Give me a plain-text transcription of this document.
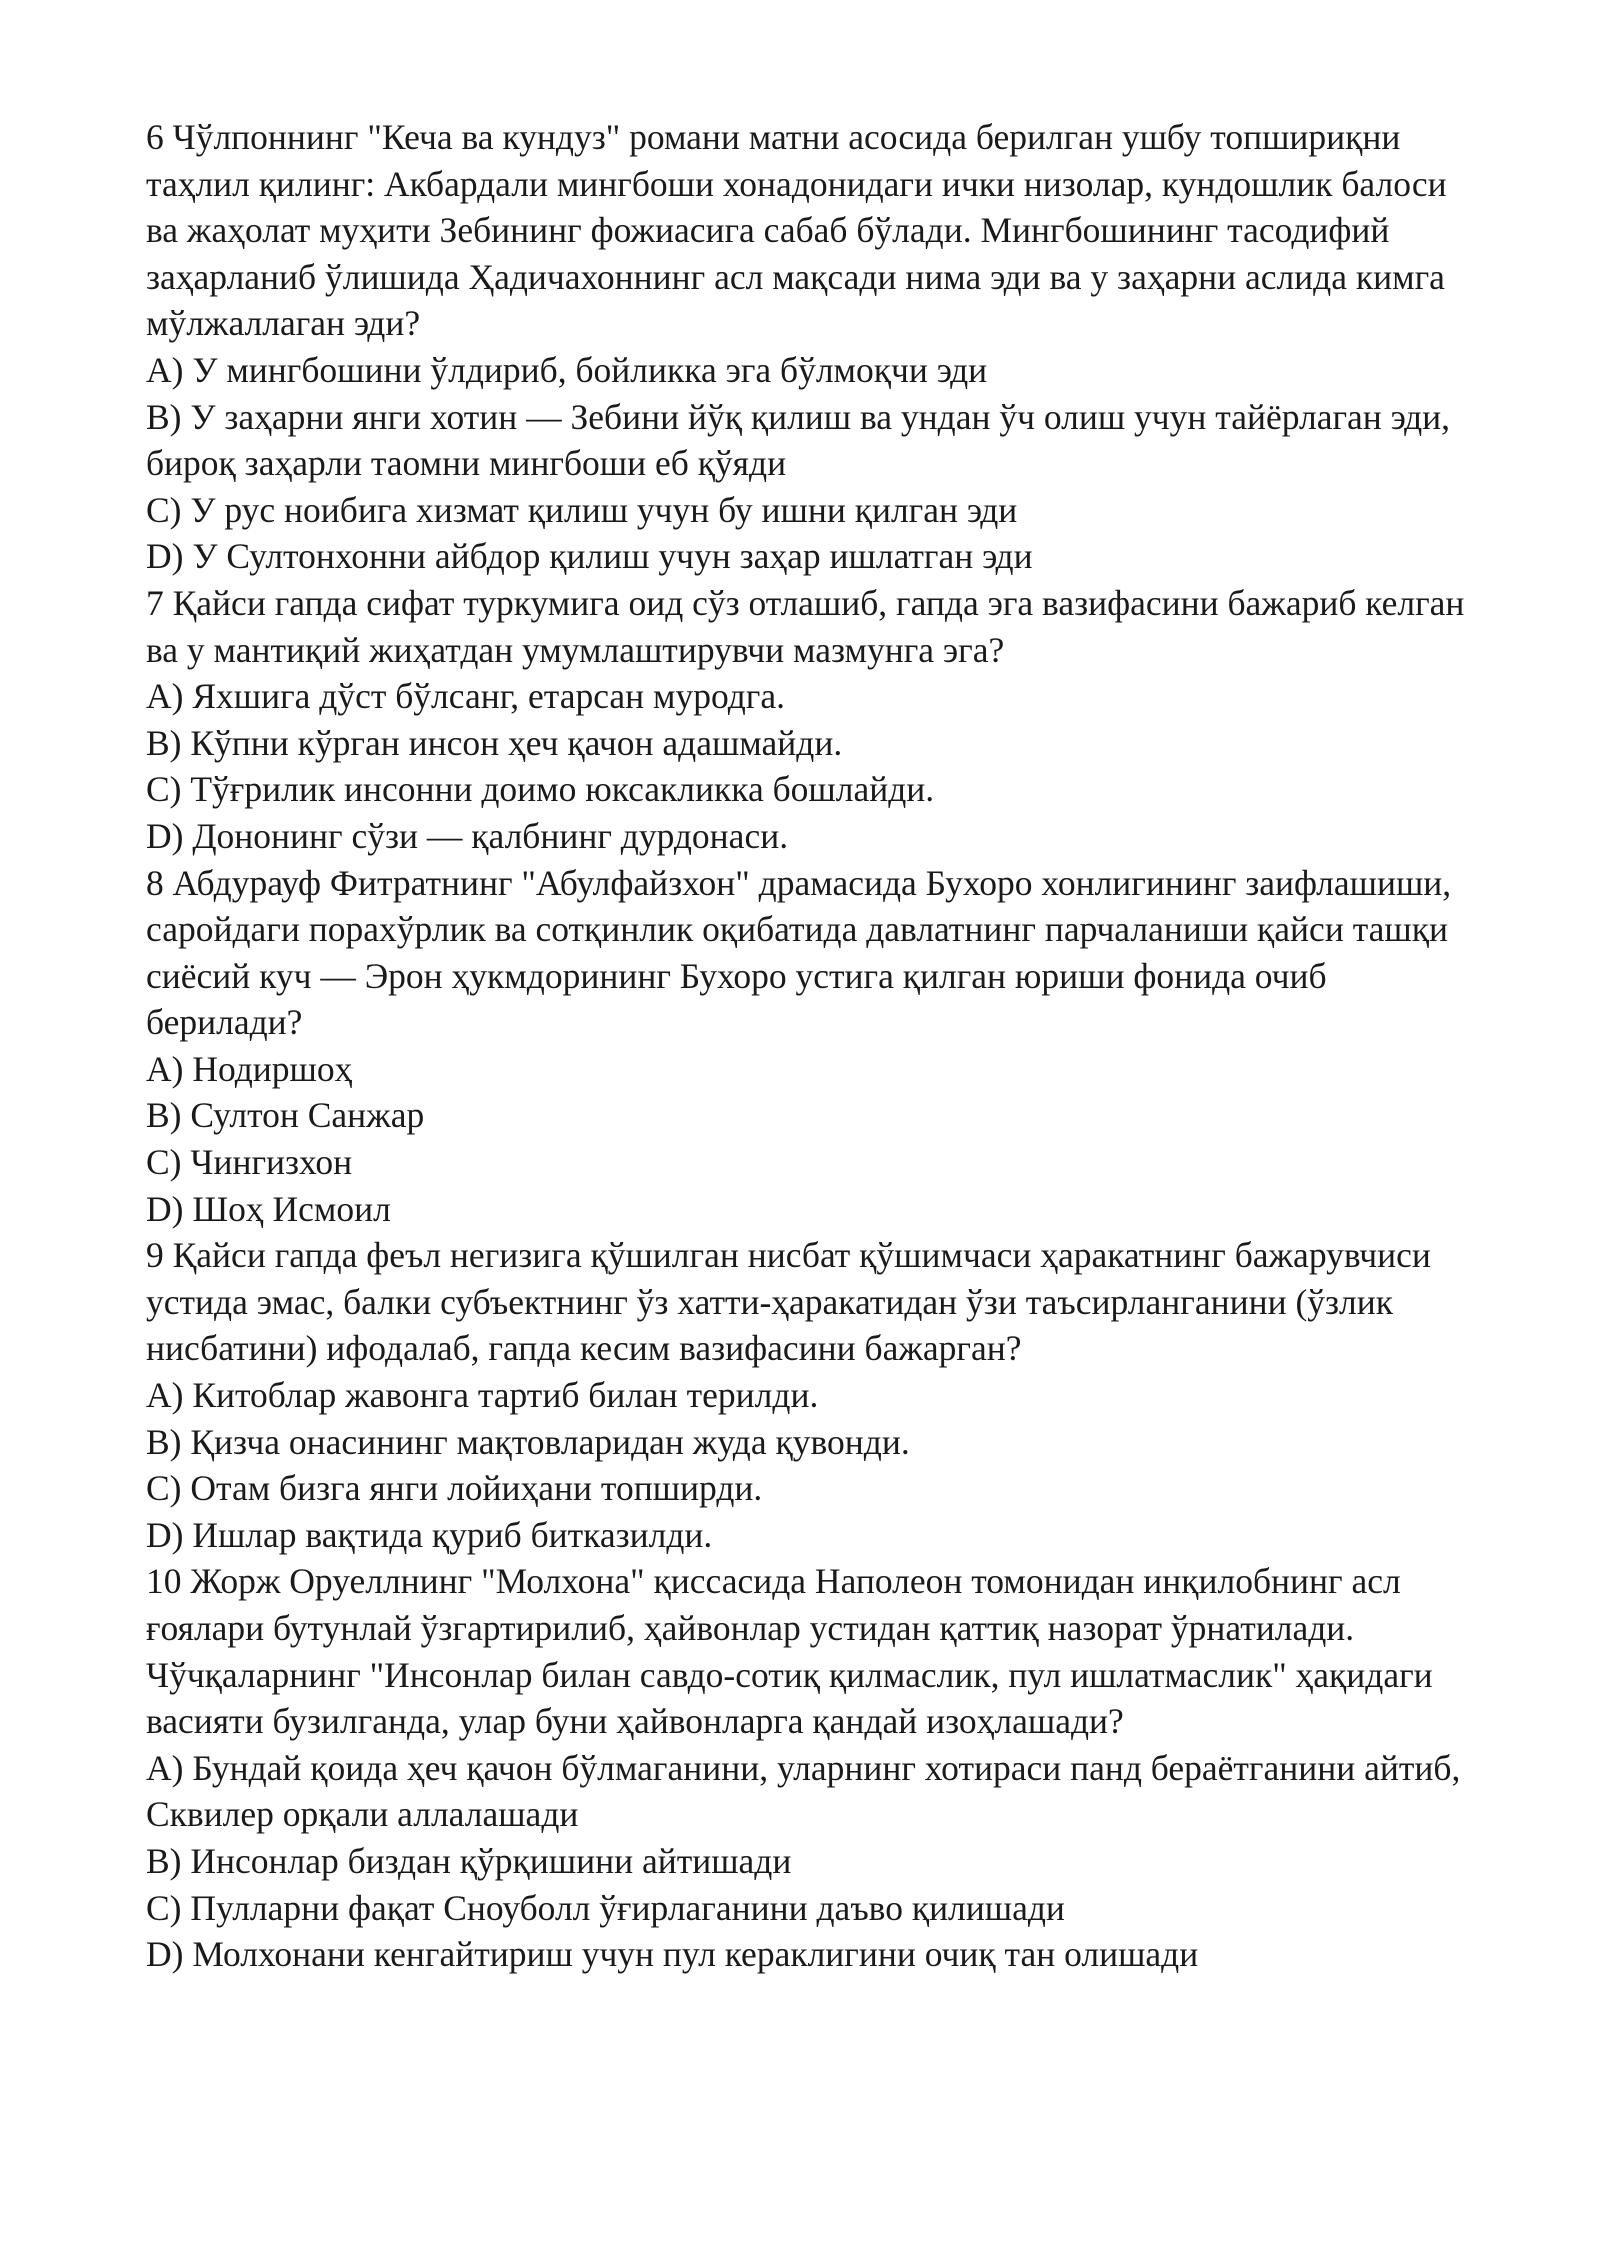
6 Чўлпоннинг "Кеча ва кундуз" романи матни асосида берилган ушбу топшириқни таҳлил қилинг: Акбардали мингбоши хонадонидаги ички низолар, кундошлик балоси ва жаҳолат муҳити Зебининг фожиасига сабаб бўлади. Мингбошининг тасодифий заҳарланиб ўлишида Ҳадичахоннинг асл мақсади нима эди ва у заҳарни аслида кимга мўлжаллаган эди?

A) У мингбошини ўлдириб, бойликка эга бўлмоқчи эди

B) У заҳарни янги хотин — Зебини йўқ қилиш ва ундан ўч олиш учун тайёрлаган эди, бироқ заҳарли таомни мингбоши еб қўяди

C) У рус ноибига хизмат қилиш учун бу ишни қилган эди

D) У Султонхонни айбдор қилиш учун заҳар ишлатган эди

7 Қайси гапда сифат туркумига оид сўз отлашиб, гапда эга вазифасини бажариб келган ва у мантиқий жиҳатдан умумлаштирувчи мазмунга эга?

A) Яхшига дўст бўлсанг, етарсан муродга.

B) Кўпни кўрган инсон ҳеч қачон адашмайди.

C) Тўғрилик инсонни доимо юксакликка бошлайди.

D) Донoнинг сўзи — қалбнинг дурдонаси.

8 Абдурауф Фитратнинг "Абулфайзхон" драмасида Бухоро хонлигининг заифлашиши, саройдаги порахўрлик ва сотқинлик оқибатида давлатнинг парчаланиши қайси ташқи сиёсий куч — Эрон ҳукмдорининг Бухоро устига қилган юриши фонида очиб берилади?

A) Нодиршоҳ

B) Султон Санжар

C) Чингизхон

D) Шоҳ Исмоил

9 Қайси гапда феъл негизига қўшилган нисбат қўшимчаси ҳаракатнинг бажарувчиси устида эмас, балки субъектнинг ўз хатти-ҳаракатидан ўзи таъсирланганини (ўзлик нисбатини) ифодалаб, гапда кесим вазифасини бажарган?

A) Китоблар жавонга тартиб билан терилди.

B) Қизча онасининг мақтовларидан жуда қувонди.

C) Отам бизга янги лойиҳани топширди.

D) Ишлар вақтида қуриб битказилди.

10 Жорж Оруеллнинг "Молхона" қиссасида Наполеон томонидан инқилобнинг асл ғоялари бутунлай ўзгартирилиб, ҳайвонлар устидан қаттиқ назорат ўрнатилади. Чўчқаларнинг "Инсонлар билан савдо-сотиқ қилмаслик, пул ишлатмаслик" ҳақидаги васияти бузилганда, улар буни ҳайвонларга қандай изоҳлашади?

A) Бундай қоида ҳеч қачон бўлмаганини, уларнинг хотираси панд бераётганини айтиб, Сквилер орқали аллалашади

B) Инсонлар биздан қўрқишини айтишади

C) Пулларни фақат Сноуболл ўғирлаганини даъво қилишади

D) Молхонани кенгайтириш учун пул кераклигини очиқ тан олишади
